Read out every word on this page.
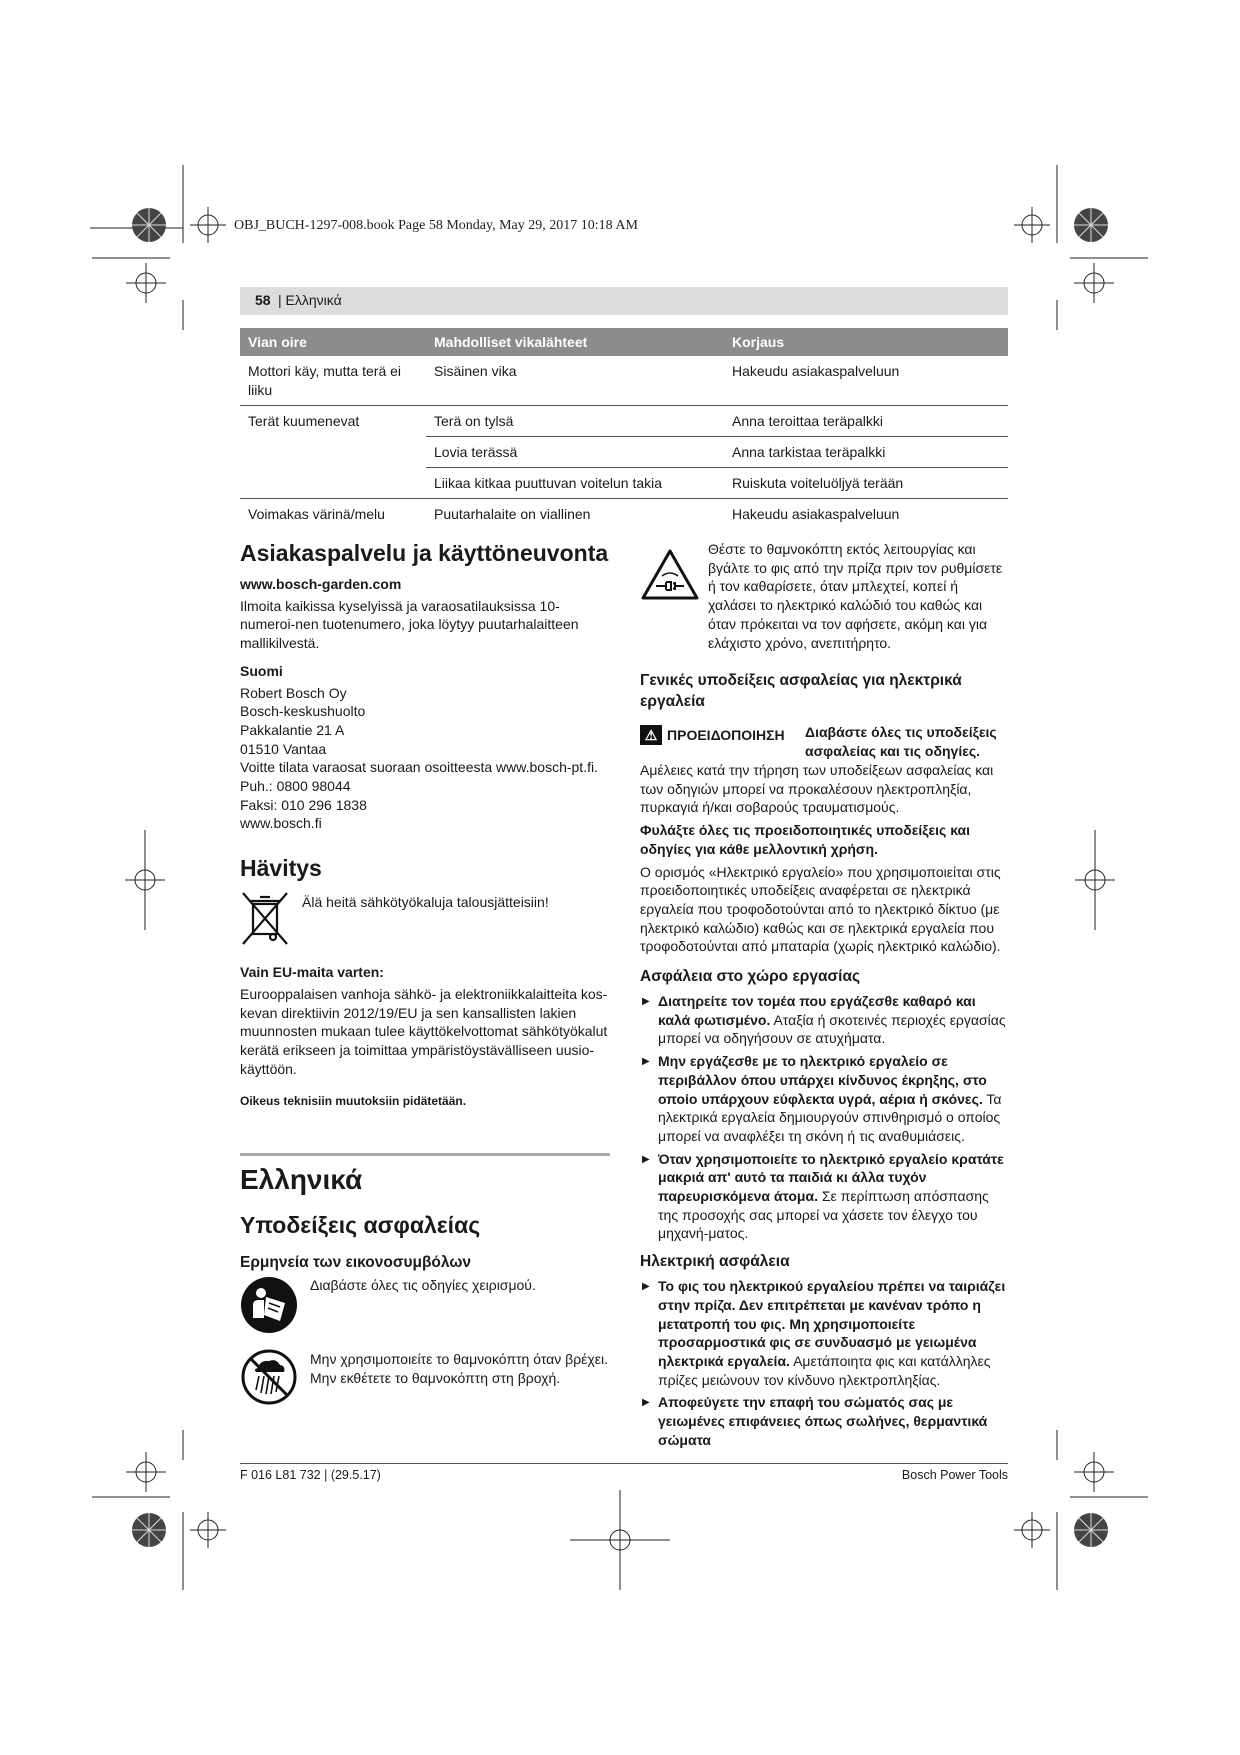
OBJ_BUCH-1297-008.book Page 58 Monday, May 29, 2017 10:18 AM
58 | Ελληνικά
Vian oire	Mahdolliset vikalähteet	Korjaus
Mottori käy, mutta terä ei liiku	Sisäinen vika	Hakeudu asiakaspalveluun
Terät kuumenevat	Terä on tylsä	Anna teroittaa teräpalkki
	Lovia terässä	Anna tarkistaa teräpalkki
	Liikaa kitkaa puuttuvan voitelun takia	Ruiskuta voiteluöljyä terään
Voimakas värinä/melu	Puutarhalaite on viallinen	Hakeudu asiakaspalveluun
Asiakaspalvelu ja käyttöneuvonta
www.bosch-garden.com
Ilmoita kaikissa kyselyissä ja varaosatilauksissa 10-numeroi-nen tuotenumero, joka löytyy puutarhalaitteen mallikilvestä.
Suomi
Robert Bosch Oy
Bosch-keskushuolto
Pakkalantie 21 A
01510 Vantaa
Voitte tilata varaosat suoraan osoitteesta www.bosch-pt.fi.
Puh.: 0800 98044
Faksi: 010 296 1838
www.bosch.fi
Hävitys
Älä heitä sähkötyökaluja talousjätteisiin!
Vain EU-maita varten:
Eurooppalaisen vanhoja sähkö- ja elektroniikkalaitteita kos-kevan direktiivin 2012/19/EU ja sen kansallisten lakien muunnosten mukaan tulee käyttökelvottomat sähkötyökalut kerätä erikseen ja toimittaa ympäristöystävälliseen uusio-käyttöön.
Oikeus teknisiin muutoksiin pidätetään.
Ελληνικά
Υποδείξεις ασφαλείας
Ερμηνεία των εικονοσυμβόλων
Διαβάστε όλες τις οδηγίες χειρισμού.
Μην χρησιμοποιείτε το θαμνοκόπτη όταν βρέχει. Μην εκθέτετε το θαμνοκόπτη στη βροχή.
Θέστε το θαμνοκόπτη εκτός λειτουργίας και βγάλτε το φις από την πρίζα πριν τον ρυθμίσετε ή τον καθαρίσετε, όταν μπλεχτεί, κοπεί ή χαλάσει το ηλεκτρικό καλώδιό του καθώς και όταν πρόκειται να τον αφήσετε, ακόμη και για ελάχιστο χρόνο, ανεπιτήρητο.
Γενικές υποδείξεις ασφαλείας για ηλεκτρικά εργαλεία
⚠ ΠΡΟΕΙΔΟΠΟΙΗΣΗ Διαβάστε όλες τις υποδείξεις ασφαλείας και τις οδηγίες.
Αμέλειες κατά την τήρηση των υποδείξεων ασφαλείας και των οδηγιών μπορεί να προκαλέσουν ηλεκτροπληξία, πυρκαγιά ή/και σοβαρούς τραυματισμούς.
Φυλάξτε όλες τις προειδοποιητικές υποδείξεις και οδηγίες για κάθε μελλοντική χρήση.
Ο ορισμός «Ηλεκτρικό εργαλείο» που χρησιμοποιείται στις προειδοποιητικές υποδείξεις αναφέρεται σε ηλεκτρικά εργαλεία που τροφοδοτούνται από το ηλεκτρικό δίκτυο (με ηλεκτρικό καλώδιο) καθώς και σε ηλεκτρικά εργαλεία που τροφοδοτούνται από μπαταρία (χωρίς ηλεκτρικό καλώδιο).
Ασφάλεια στο χώρο εργασίας
▶ Διατηρείτε τον τομέα που εργάζεσθε καθαρό και καλά φωτισμένο. Αταξία ή σκοτεινές περιοχές εργασίας μπορεί να οδηγήσουν σε ατυχήματα.
▶ Μην εργάζεσθε με το ηλεκτρικό εργαλείο σε περιβάλλον όπου υπάρχει κίνδυνος έκρηξης, στο οποίο υπάρχουν εύφλεκτα υγρά, αέρια ή σκόνες. Τα ηλεκτρικά εργαλεία δημιουργούν σπινθηρισμό ο οποίος μπορεί να αναφλέξει τη σκόνη ή τις αναθυμιάσεις.
▶ Όταν χρησιμοποιείτε το ηλεκτρικό εργαλείο κρατάτε μακριά απ' αυτό τα παιδιά κι άλλα τυχόν παρευρισκόμενα άτομα. Σε περίπτωση απόσπασης της προσοχής σας μπορεί να χάσετε τον έλεγχο του μηχανή-ματος.
Ηλεκτρική ασφάλεια
▶ Το φις του ηλεκτρικού εργαλείου πρέπει να ταιριάζει στην πρίζα. Δεν επιτρέπεται με κανέναν τρόπο η μετατροπή του φις. Μη χρησιμοποιείτε προσαρμοστικά φις σε συνδυασμό με γειωμένα ηλεκτρικά εργαλεία. Αμετάποιητα φις και κατάλληλες πρίζες μειώνουν τον κίνδυνο ηλεκτροπληξίας.
▶ Αποφεύγετε την επαφή του σώματός σας με γειωμένες επιφάνειες όπως σωλήνες, θερμαντικά σώματα
F 016 L81 732 | (29.5.17)	Bosch Power Tools
